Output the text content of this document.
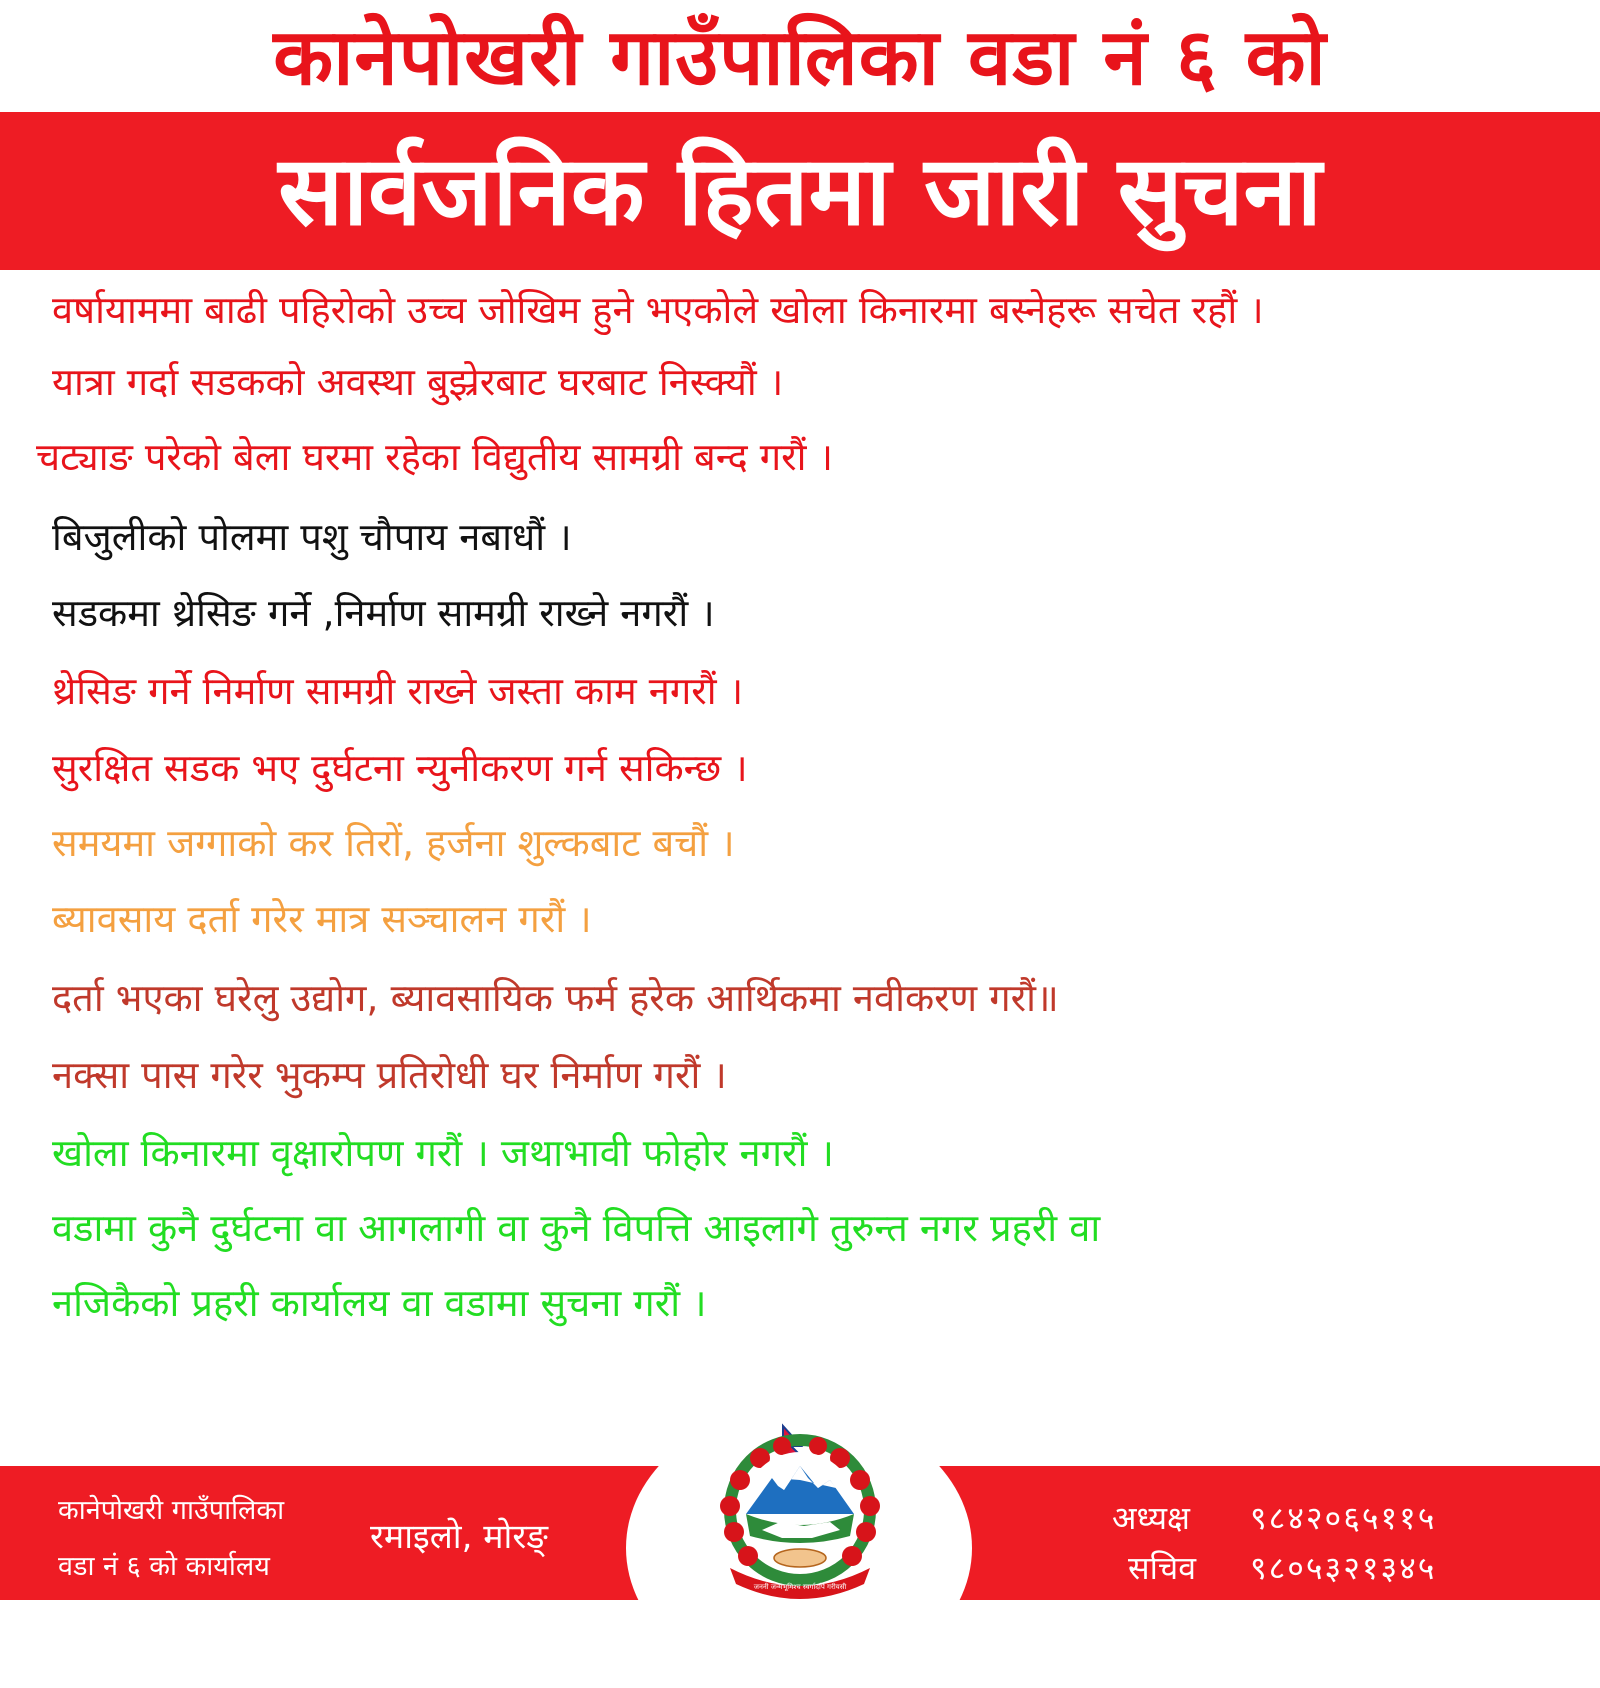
कानेपोखरी गाउँपालिका वडा नं ६ को
सार्वजनिक हितमा जारी सुचना
वर्षायाममा बाढी पहिरोको उच्च जोखिम हुने भएकोले खोला किनारमा बस्नेहरू सचेत रहौं ।
यात्रा गर्दा सडकको अवस्था बुझ्रेरबाट घरबाट निस्क्यौं ।
चट्याङ परेको बेला घरमा रहेका विद्युतीय सामग्री बन्द गरौं ।
बिजुलीको पोलमा पशु चौपाय नबाधौं ।
सडकमा थ्रेसिङ गर्ने ,निर्माण सामग्री राख्ने नगरौं ।
थ्रेसिङ गर्ने निर्माण सामग्री राख्ने जस्ता काम नगरौं ।
सुरक्षित सडक भए दुर्घटना न्युनीकरण गर्न सकिन्छ ।
समयमा जग्गाको कर तिरों, हर्जना शुल्कबाट बचौं ।
ब्यावसाय दर्ता गरेर मात्र सञ्चालन गरौं ।
दर्ता भएका घरेलु उद्योग, ब्यावसायिक फर्म हरेक आर्थिकमा नवीकरण गरौं॥
नक्सा पास गरेर भुकम्प प्रतिरोधी घर निर्माण गरौं ।
खोला किनारमा वृक्षारोपण गरौं । जथाभावी फोहोर नगरौं ।
वडामा कुनै दुर्घटना वा आगलागी वा कुनै विपत्ति आइलागे तुरुन्त नगर प्रहरी वा
नजिकैको प्रहरी कार्यालय वा वडामा सुचना गरौं ।
कानेपोखरी गाउँपालिका
वडा नं ६ को कार्यालय
रमाइलो, मोरङ्	अध्यक्ष ९८४२०६५११५
सचिव ९८०५३२१३४५
जननी जन्मभूमिश्च स्वर्गादपि गरीयसी
